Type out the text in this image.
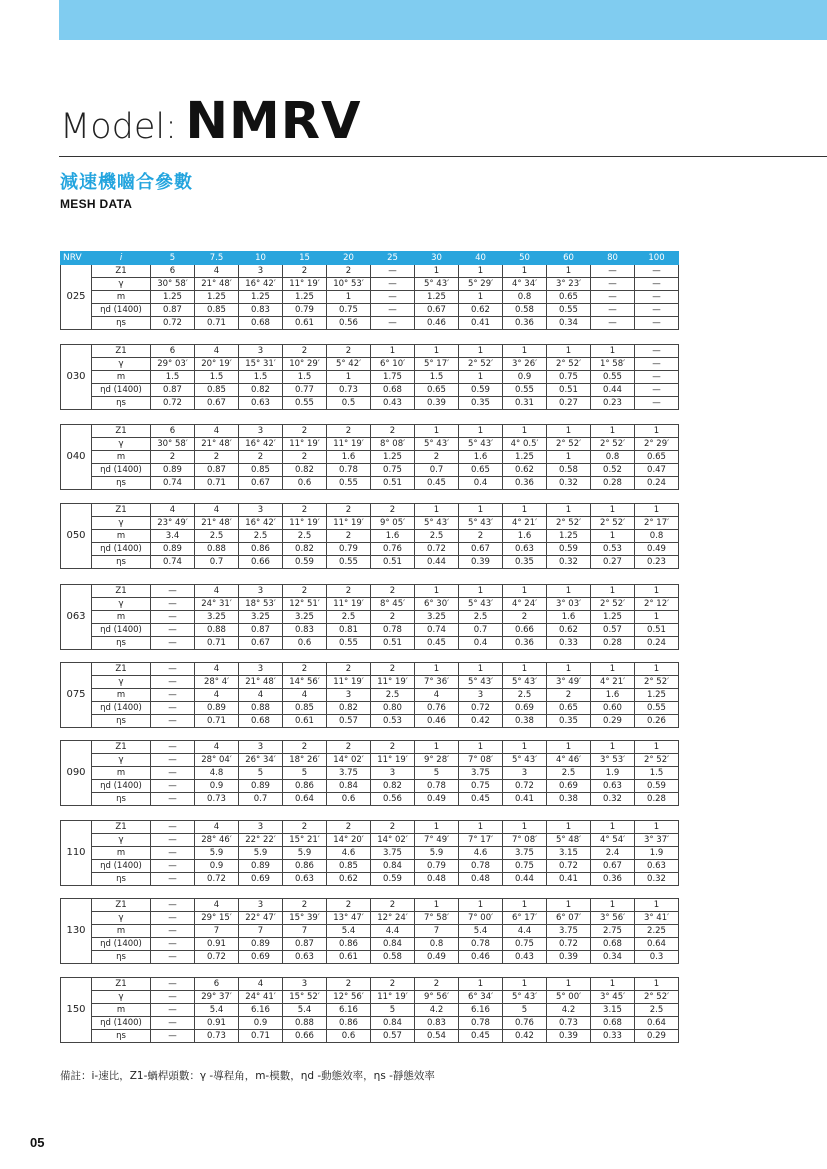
Model: NMRV
減速機嚙合參數
MESH DATA
NRV	i	5	7.5	10	15	20	25	30	40	50	60	80	100
025	Z1	6	4	3	2	2	—	1	1	1	1	—	—
	γ	30° 58′	21° 48′	16° 42′	11° 19′	10° 53′	—	5° 43′	5° 29′	4° 34′	3° 23′	—	—
	m	1.25	1.25	1.25	1.25	1	—	1.25	1	0.8	0.65	—	—
	ηd (1400)	0.87	0.85	0.83	0.79	0.75	—	0.67	0.62	0.58	0.55	—	—
	ηs	0.72	0.71	0.68	0.61	0.56	—	0.46	0.41	0.36	0.34	—	—
030	Z1	6	4	3	2	2	1	1	1	1	1	1	—
	γ	29° 03′	20° 19′	15° 31′	10° 29′	5° 42′	6° 10′	5° 17′	2° 52′	3° 26′	2° 52′	1° 58′	—
	m	1.5	1.5	1.5	1.5	1	1.75	1.5	1	0.9	0.75	0.55	—
	ηd (1400)	0.87	0.85	0.82	0.77	0.73	0.68	0.65	0.59	0.55	0.51	0.44	—
	ηs	0.72	0.67	0.63	0.55	0.5	0.43	0.39	0.35	0.31	0.27	0.23	—
040	Z1	6	4	3	2	2	2	1	1	1	1	1	1
	γ	30° 58′	21° 48′	16° 42′	11° 19′	11° 19′	8° 08′	5° 43′	5° 43′	4° 0.5′	2° 52′	2° 52′	2° 29′
	m	2	2	2	2	1.6	1.25	2	1.6	1.25	1	0.8	0.65
	ηd (1400)	0.89	0.87	0.85	0.82	0.78	0.75	0.7	0.65	0.62	0.58	0.52	0.47
	ηs	0.74	0.71	0.67	0.6	0.55	0.51	0.45	0.4	0.36	0.32	0.28	0.24
050	Z1	4	4	3	2	2	2	1	1	1	1	1	1
	γ	23° 49′	21° 48′	16° 42′	11° 19′	11° 19′	9° 05′	5° 43′	5° 43′	4° 21′	2° 52′	2° 52′	2° 17′
	m	3.4	2.5	2.5	2.5	2	1.6	2.5	2	1.6	1.25	1	0.8
	ηd (1400)	0.89	0.88	0.86	0.82	0.79	0.76	0.72	0.67	0.63	0.59	0.53	0.49
	ηs	0.74	0.7	0.66	0.59	0.55	0.51	0.44	0.39	0.35	0.32	0.27	0.23
063	Z1	—	4	3	2	2	2	1	1	1	1	1	1
	γ	—	24° 31′	18° 53′	12° 51′	11° 19′	8° 45′	6° 30′	5° 43′	4° 24′	3° 03′	2° 52′	2° 12′
	m	—	3.25	3.25	3.25	2.5	2	3.25	2.5	2	1.6	1.25	1
	ηd (1400)	—	0.88	0.87	0.83	0.81	0.78	0.74	0.7	0.66	0.62	0.57	0.51
	ηs	—	0.71	0.67	0.6	0.55	0.51	0.45	0.4	0.36	0.33	0.28	0.24
075	Z1	—	4	3	2	2	2	1	1	1	1	1	1
	γ	—	28° 4′	21° 48′	14° 56′	11° 19′	11° 19′	7° 36′	5° 43′	5° 43′	3° 49′	4° 21′	2° 52′
	m	—	4	4	4	3	2.5	4	3	2.5	2	1.6	1.25
	ηd (1400)	—	0.89	0.88	0.85	0.82	0.80	0.76	0.72	0.69	0.65	0.60	0.55
	ηs	—	0.71	0.68	0.61	0.57	0.53	0.46	0.42	0.38	0.35	0.29	0.26
090	Z1	—	4	3	2	2	2	1	1	1	1	1	1
	γ	—	28° 04′	26° 34′	18° 26′	14° 02′	11° 19′	9° 28′	7° 08′	5° 43′	4° 46′	3° 53′	2° 52′
	m	—	4.8	5	5	3.75	3	5	3.75	3	2.5	1.9	1.5
	ηd (1400)	—	0.9	0.89	0.86	0.84	0.82	0.78	0.75	0.72	0.69	0.63	0.59
	ηs	—	0.73	0.7	0.64	0.6	0.56	0.49	0.45	0.41	0.38	0.32	0.28
110	Z1	—	4	3	2	2	2	1	1	1	1	1	1
	γ	—	28° 46′	22° 22′	15° 21′	14° 20′	14° 02′	7° 49′	7° 17′	7° 08′	5° 48′	4° 54′	3° 37′
	m	—	5.9	5.9	5.9	4.6	3.75	5.9	4.6	3.75	3.15	2.4	1.9
	ηd (1400)	—	0.9	0.89	0.86	0.85	0.84	0.79	0.78	0.75	0.72	0.67	0.63
	ηs	—	0.72	0.69	0.63	0.62	0.59	0.48	0.48	0.44	0.41	0.36	0.32
130	Z1	—	4	3	2	2	2	1	1	1	1	1	1
	γ	—	29° 15′	22° 47′	15° 39′	13° 47′	12° 24′	7° 58′	7° 00′	6° 17′	6° 07′	3° 56′	3° 41′
	m	—	7	7	7	5.4	4.4	7	5.4	4.4	3.75	2.75	2.25
	ηd (1400)	—	0.91	0.89	0.87	0.86	0.84	0.8	0.78	0.75	0.72	0.68	0.64
	ηs	—	0.72	0.69	0.63	0.61	0.58	0.49	0.46	0.43	0.39	0.34	0.3
150	Z1	—	6	4	3	2	2	2	1	1	1	1	1
	γ	—	29° 37′	24° 41′	15° 52′	12° 56′	11° 19′	9° 56′	6° 34′	5° 43′	5° 00′	3° 45′	2° 52′
	m	—	5.4	6.16	5.4	6.16	5	4.2	6.16	5	4.2	3.15	2.5
	ηd (1400)	—	0.91	0.9	0.88	0.86	0.84	0.83	0.78	0.76	0.73	0.68	0.64
	ηs	—	0.73	0.71	0.66	0.6	0.57	0.54	0.45	0.42	0.39	0.33	0.29
備註：i-速比，Z1-蝸桿頭數：γ -導程角，m-模數，ηd -動態效率，ηs -靜態效率
05
